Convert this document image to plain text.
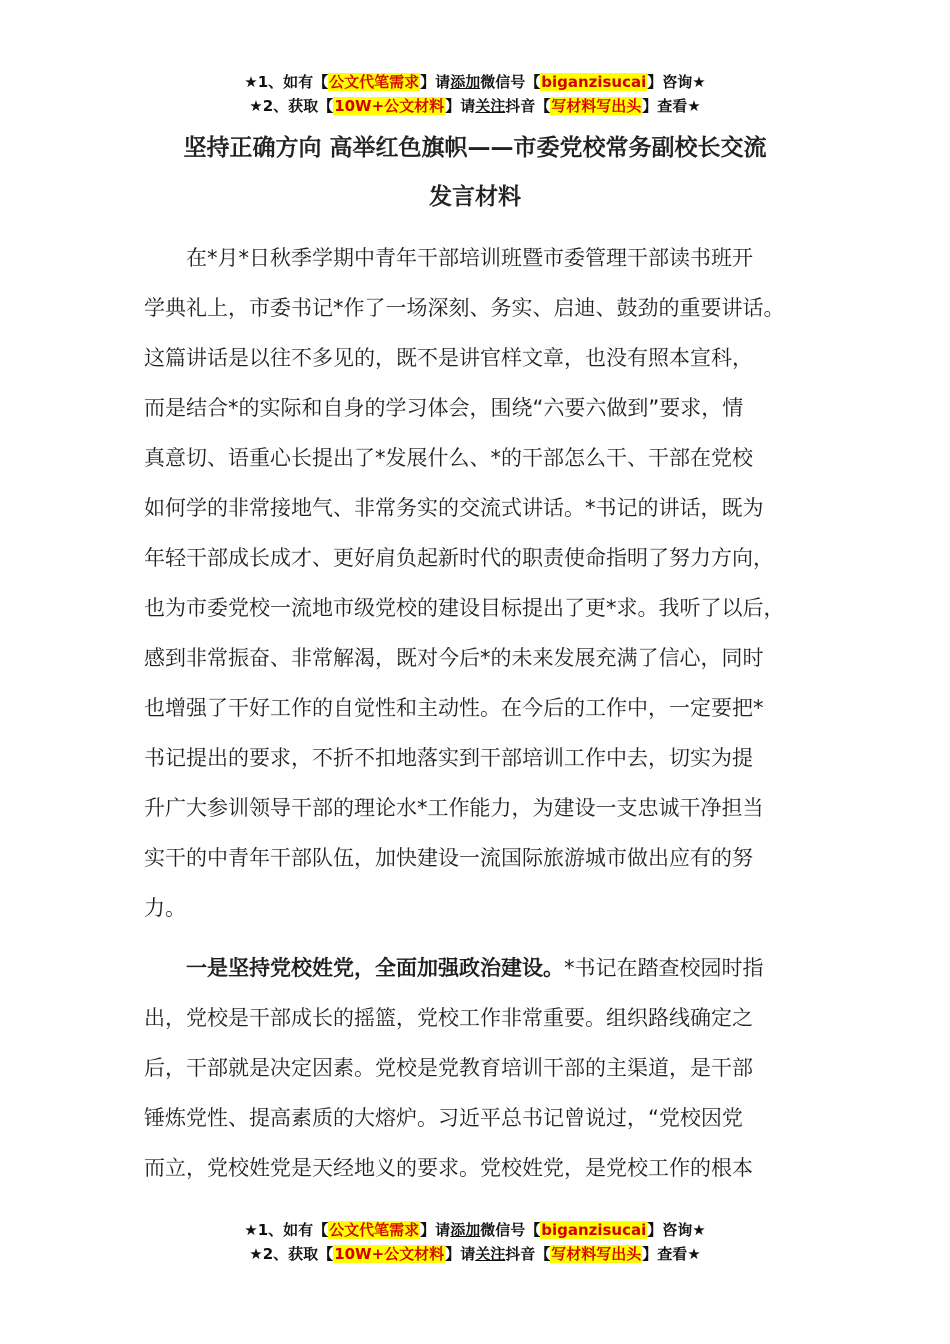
★1、如有【公文代笔需求】请添加微信号【biganzisucai】咨询★
★2、获取【10W+公文材料】请关注抖音【写材料写出头】查看★
坚持正确方向 高举红色旗帜——市委党校常务副校长交流
发言材料
　　在*月*日秋季学期中青年干部培训班暨市委管理干部读书班开
学典礼上，市委书记*作了一场深刻、务实、启迪、鼓劲的重要讲话。
这篇讲话是以往不多见的，既不是讲官样文章，也没有照本宣科，
而是结合*的实际和自身的学习体会，围绕“六要六做到”要求，情
真意切、语重心长提出了*发展什么、*的干部怎么干、干部在党校
如何学的非常接地气、非常务实的交流式讲话。*书记的讲话，既为
年轻干部成长成才、更好肩负起新时代的职责使命指明了努力方向，
也为市委党校一流地市级党校的建设目标提出了更*求。我听了以后，
感到非常振奋、非常解渴，既对今后*的未来发展充满了信心，同时
也增强了干好工作的自觉性和主动性。在今后的工作中，一定要把*
书记提出的要求，不折不扣地落实到干部培训工作中去，切实为提
升广大参训领导干部的理论水*工作能力，为建设一支忠诚干净担当
实干的中青年干部队伍，加快建设一流国际旅游城市做出应有的努
力。
　　一是坚持党校姓党，全面加强政治建设。*书记在踏查校园时指
出，党校是干部成长的摇篮，党校工作非常重要。组织路线确定之
后，干部就是决定因素。党校是党教育培训干部的主渠道，是干部
锤炼党性、提高素质的大熔炉。习近平总书记曾说过，“党校因党
而立，党校姓党是天经地义的要求。党校姓党，是党校工作的根本
★1、如有【公文代笔需求】请添加微信号【biganzisucai】咨询★
★2、获取【10W+公文材料】请关注抖音【写材料写出头】查看★
